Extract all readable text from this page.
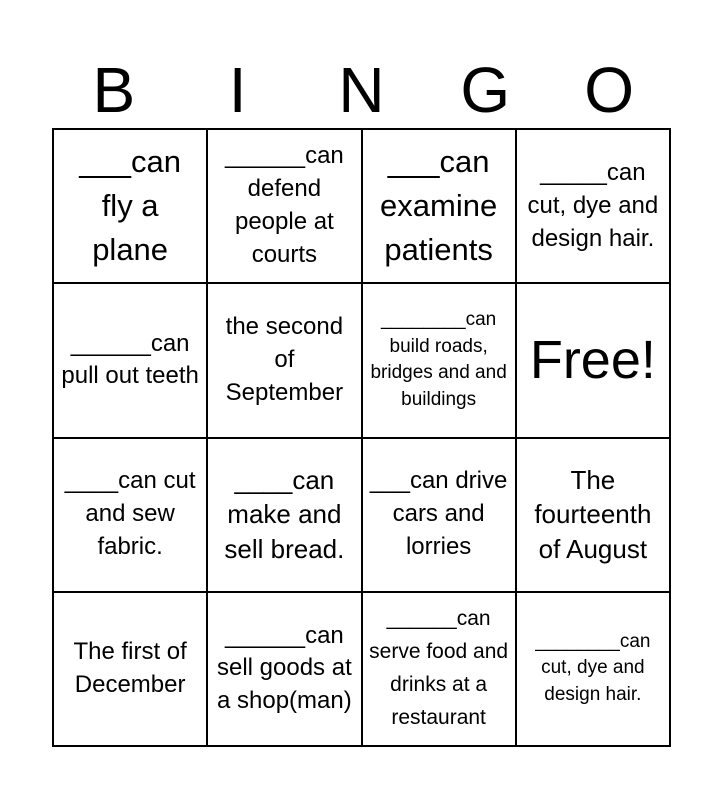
B	I	N	G	O
___can fly a plane
______can defend people at courts
___can examine patients
_____can cut, dye and design hair.
______can pull out teeth
the second of September
________can build roads, bridges and and buildings
Free!
____can cut and sew fabric.
____can make and sell bread.
___can drive cars and lorries
The fourteenth of August
The first of December
______can sell goods at a shop(man)
______can serve food and drinks at a restaurant
________can cut, dye and design hair.
